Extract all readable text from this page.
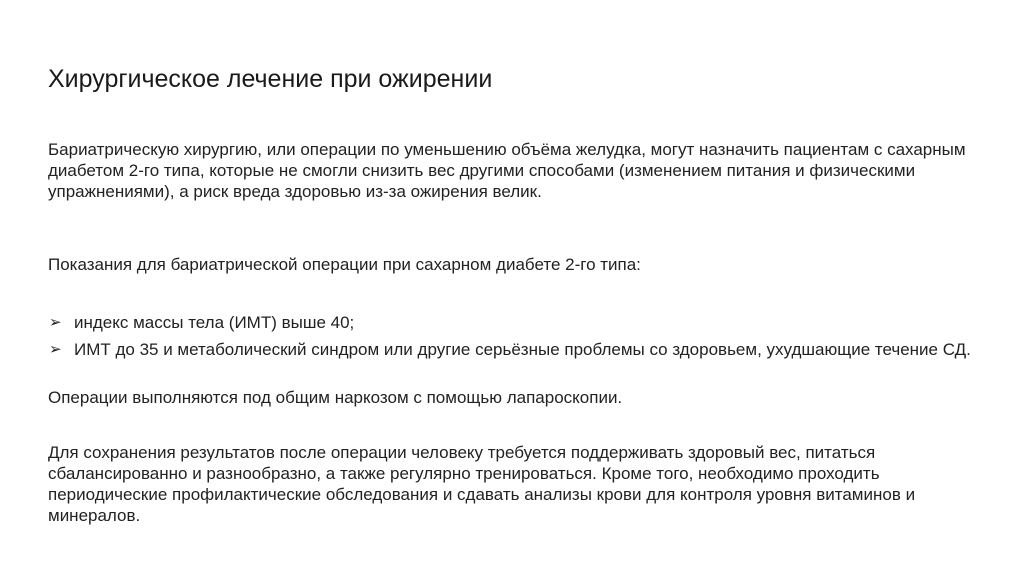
Хирургическое лечение при ожирении

Бариатрическую хирургию, или операции по уменьшению объёма желудка, могут назначить пациентам с сахарным диабетом 2-го типа, которые не смогли снизить вес другими способами (изменением питания и физическими упражнениями), а риск вреда здоровью из-за ожирения велик.

Показания для бариатрической операции при сахарном диабете 2-го типа:

➢ индекс массы тела (ИМТ) выше 40;
➢ ИМТ до 35 и метаболический синдром или другие серьёзные проблемы со здоровьем, ухудшающие течение СД.

Операции выполняются под общим наркозом с помощью лапароскопии.

Для сохранения результатов после операции человеку требуется поддерживать здоровый вес, питаться сбалансированно и разнообразно, а также регулярно тренироваться. Кроме того, необходимо проходить периодические профилактические обследования и сдавать анализы крови для контроля уровня витаминов и минералов.
